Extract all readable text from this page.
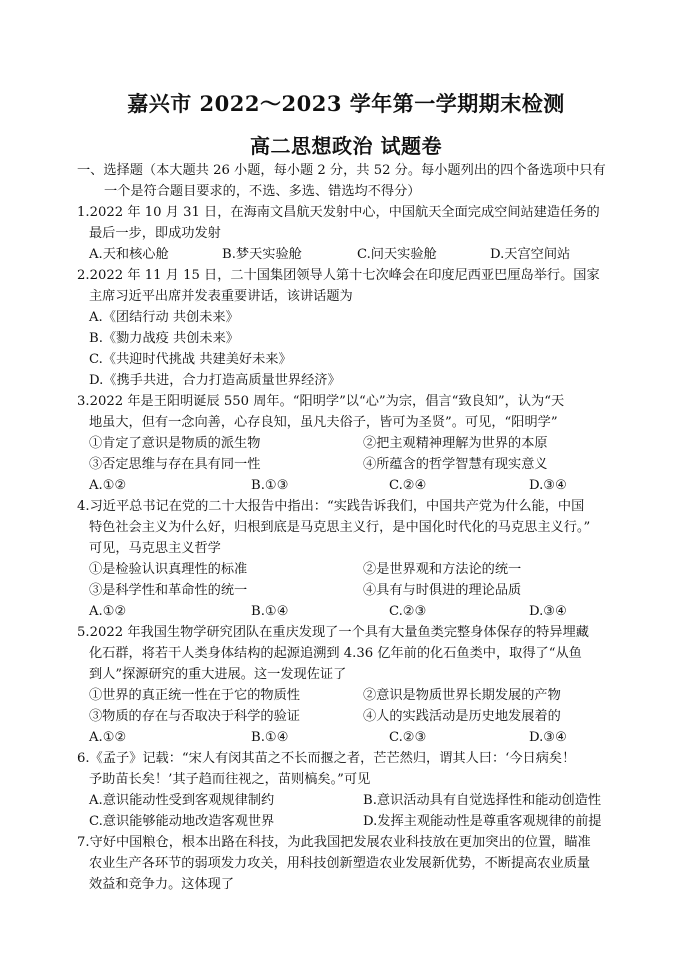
嘉兴市 2022～2023 学年第一学期期末检测
高二思想政治 试题卷
一、选择题（本大题共 26 小题，每小题 2 分，共 52 分。每小题列出的四个备选项中只有
一个是符合题目要求的，不选、多选、错选均不得分）
1.2022 年 10 月 31 日，在海南文昌航天发射中心，中国航天全面完成空间站建造任务的
最后一步，即成功发射
A.天和核心舱	B.梦天实验舱	C.问天实验舱	D.天宫空间站
2.2022 年 11 月 15 日，二十国集团领导人第十七次峰会在印度尼西亚巴厘岛举行。国家
主席习近平出席并发表重要讲话，该讲话题为
A.《团结行动 共创未来》
B.《勠力战疫 共创未来》
C.《共迎时代挑战 共建美好未来》
D.《携手共进，合力打造高质量世界经济》
3.2022 年是王阳明诞辰 550 周年。“阳明学”以“心”为宗，倡言“致良知”，认为“天
地虽大，但有一念向善，心存良知，虽凡夫俗子，皆可为圣贤”。可见，“阳明学”
①肯定了意识是物质的派生物	②把主观精神理解为世界的本原
③否定思维与存在具有同一性	④所蕴含的哲学智慧有现实意义
A.①②	B.①③	C.②④	D.③④
4.习近平总书记在党的二十大报告中指出：“实践告诉我们，中国共产党为什么能，中国
特色社会主义为什么好，归根到底是马克思主义行，是中国化时代化的马克思主义行。”
可见，马克思主义哲学
①是检验认识真理性的标准	②是世界观和方法论的统一
③是科学性和革命性的统一	④具有与时俱进的理论品质
A.①②	B.①④	C.②③	D.③④
5.2022 年我国生物学研究团队在重庆发现了一个具有大量鱼类完整身体保存的特异埋藏
化石群，将若干人类身体结构的起源追溯到 4.36 亿年前的化石鱼类中，取得了“从鱼
到人”探源研究的重大进展。这一发现佐证了
①世界的真正统一性在于它的物质性	②意识是物质世界长期发展的产物
③物质的存在与否取决于科学的验证	④人的实践活动是历史地发展着的
A.①②	B.①④	C.②③	D.③④
6.《孟子》记载：“宋人有闵其苗之不长而揠之者，芒芒然归，谓其人曰：‘今日病矣！
予助苗长矣！’其子趋而往视之，苗则槁矣。”可见
A.意识能动性受到客观规律制约	B.意识活动具有自觉选择性和能动创造性
C.意识能够能动地改造客观世界	D.发挥主观能动性是尊重客观规律的前提
7.守好中国粮仓，根本出路在科技，为此我国把发展农业科技放在更加突出的位置，瞄准
农业生产各环节的弱项发力攻关，用科技创新塑造农业发展新优势，不断提高农业质量
效益和竞争力。这体现了
